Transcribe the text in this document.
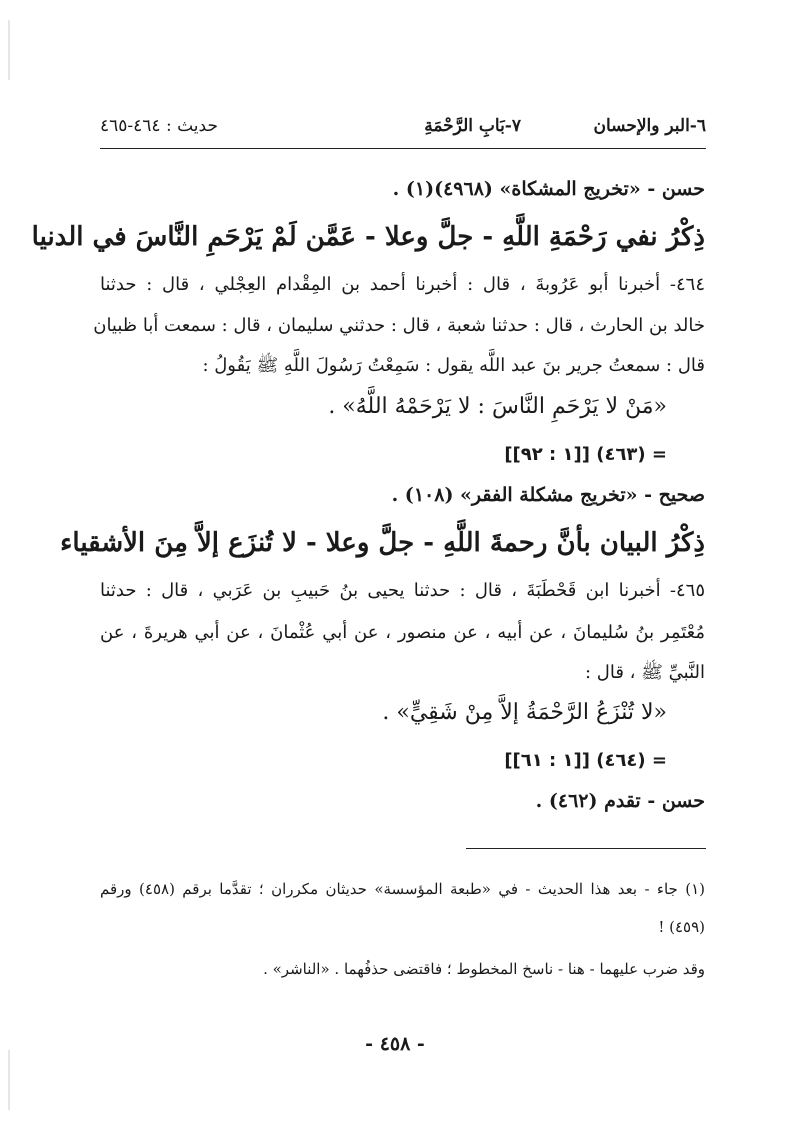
٦-البر والإحسان
٧-بَابِ الرَّحْمَةِ
حديث : ٤٦٤-٤٦٥
حسن - «تخريج المشكاة» (٤٩٦٨)(١) .
ذِكْرُ نفي رَحْمَةِ اللَّهِ - جلَّ وعلا - عَمَّن لَمْ يَرْحَمِ النَّاسَ في الدنيا
٤٦٤- أخبرنا أبو عَرُوبةَ ، قال : أخبرنا أحمد بن المِقْدام العِجْلي ، قال : حدثنا
خالد بن الحارث ، قال : حدثنا شعبة ، قال : حدثني سليمان ، قال : سمعت أبا ظبيان
قال : سمعتُ جرير بنَ عبد اللَّه يقول : سَمِعْتُ رَسُولَ اللَّهِ ﷺ يَقُولُ :
«مَنْ لا يَرْحَمِ النَّاسَ : لا يَرْحَمْهُ اللَّهُ» .
= (٤٦٣) [[١ : ٩٢]]
صحيح - «تخريج مشكلة الفقر» (١٠٨) .
ذِكْرُ البيان بأنَّ رحمةَ اللَّهِ - جلَّ وعلا - لا تُنزَع إلاَّ مِنَ الأشقياء
٤٦٥- أخبرنا ابن قَحْطَبَةَ ، قال : حدثنا يحيى بنُ حَبيبِ بن عَرَبي ، قال : حدثنا
مُعْتَمِر بنُ سُليمانَ ، عن أبيه ، عن منصور ، عن أبي عُثْمانَ ، عن أبي هريرةَ ، عن
النَّبيِّ ﷺ ، قال :
«لا تُنْزَعُ الرَّحْمَةُ إلاَّ مِنْ شَقِيٍّ» .
= (٤٦٤) [[١ : ٦١]]
حسن - تقدم (٤٦٢) .
(١) جاء - بعد هذا الحديث - في «طبعة المؤسسة» حديثان مكرران ؛ تقدَّما برقم (٤٥٨) ورقم
(٤٥٩) !
وقد ضرب عليهما - هنا - ناسخ المخطوط ؛ فاقتضى حذفُهما . «الناشر» .
- ٤٥٨ -
